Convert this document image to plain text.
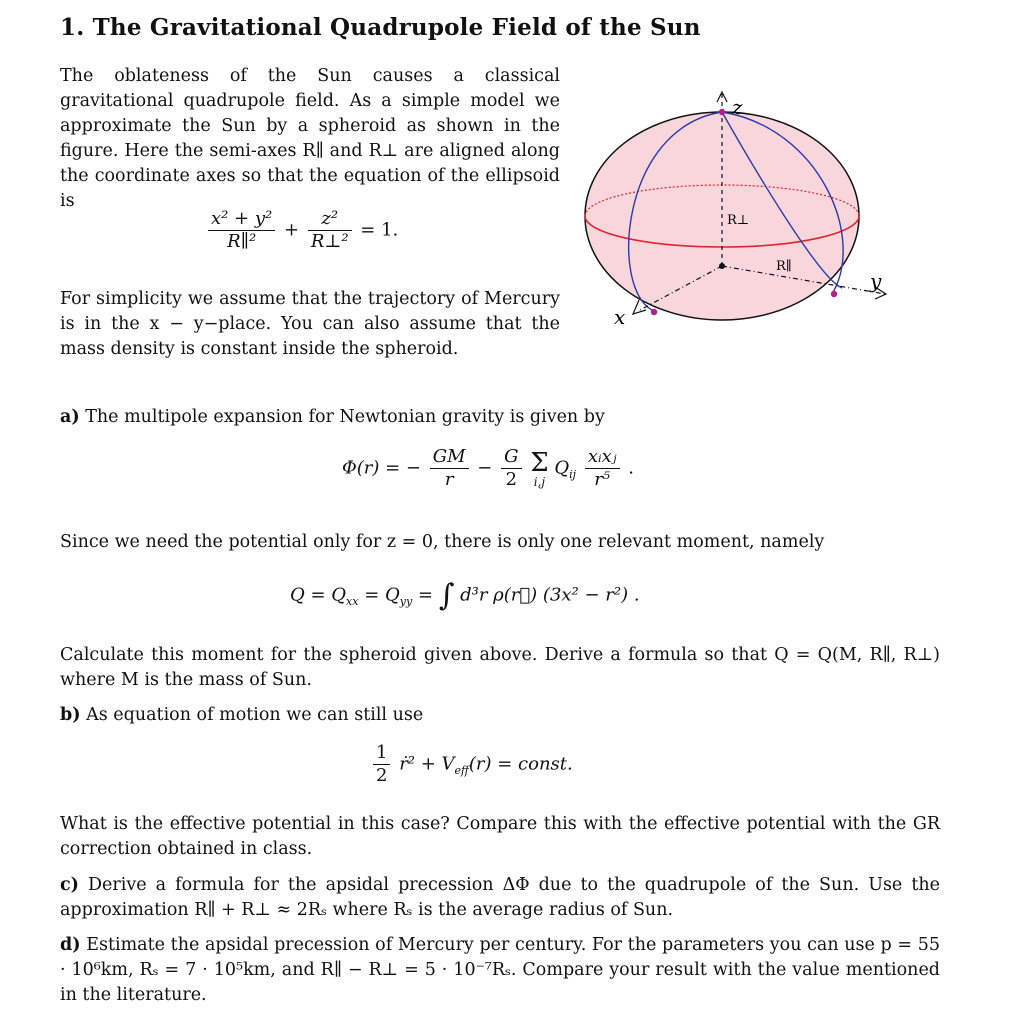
1. The Gravitational Quadrupole Field of the Sun

The oblateness of the Sun causes a classical gravitational quadrupole field. As a simple model we approximate the Sun by a spheroid as shown in the figure. Here the semi-axes R∥ and R⊥ are aligned along the coordinate axes so that the equation of the ellipsoid is

$\frac{\text{x² + y²}}{\text{R∥²}} + \frac{\text{z²}}{\text{R⊥²}} = 1$.

For simplicity we assume that the trajectory of Mercury is in the x − y−place. You can also assume that the mass density is constant inside the spheroid.

z
y
x
R⊥
R∥

a) The multipole expansion for Newtonian gravity is given by

Φ(r) = − $\frac{GM}{r} - \frac{G}{2}$
Σ
i,j
$Q_{ij} \frac{\text{xᵢxⱼ}}{\text{r⁵}}$ .

Since we need the potential only for z = 0, there is only one relevant moment, namely

$Q = Q_{xx} = Q_{yy}$ = ∫ d³r ρ(r⃗) (3x² − r²) .

Calculate this moment for the spheroid given above. Derive a formula so that Q = Q(M, R∥, R⊥) where M is the mass of Sun.

b) As equation of motion we can still use

$\frac{1}{2}$ ṙ² + $V_{eff}(r)$ = const.

What is the effective potential in this case? Compare this with the effective potential with the GR correction obtained in class.

c) Derive a formula for the apsidal precession ΔΦ due to the quadrupole of the Sun. Use the approximation R∥ + R⊥ ≈ 2Rₛ where Rₛ is the average radius of Sun.

d) Estimate the apsidal precession of Mercury per century. For the parameters you can use p = 55 · 10⁶km, Rₛ = 7 · 10⁵km, and R∥ − R⊥ = 5 · 10⁻⁷Rₛ. Compare your result with the value mentioned in the literature.
